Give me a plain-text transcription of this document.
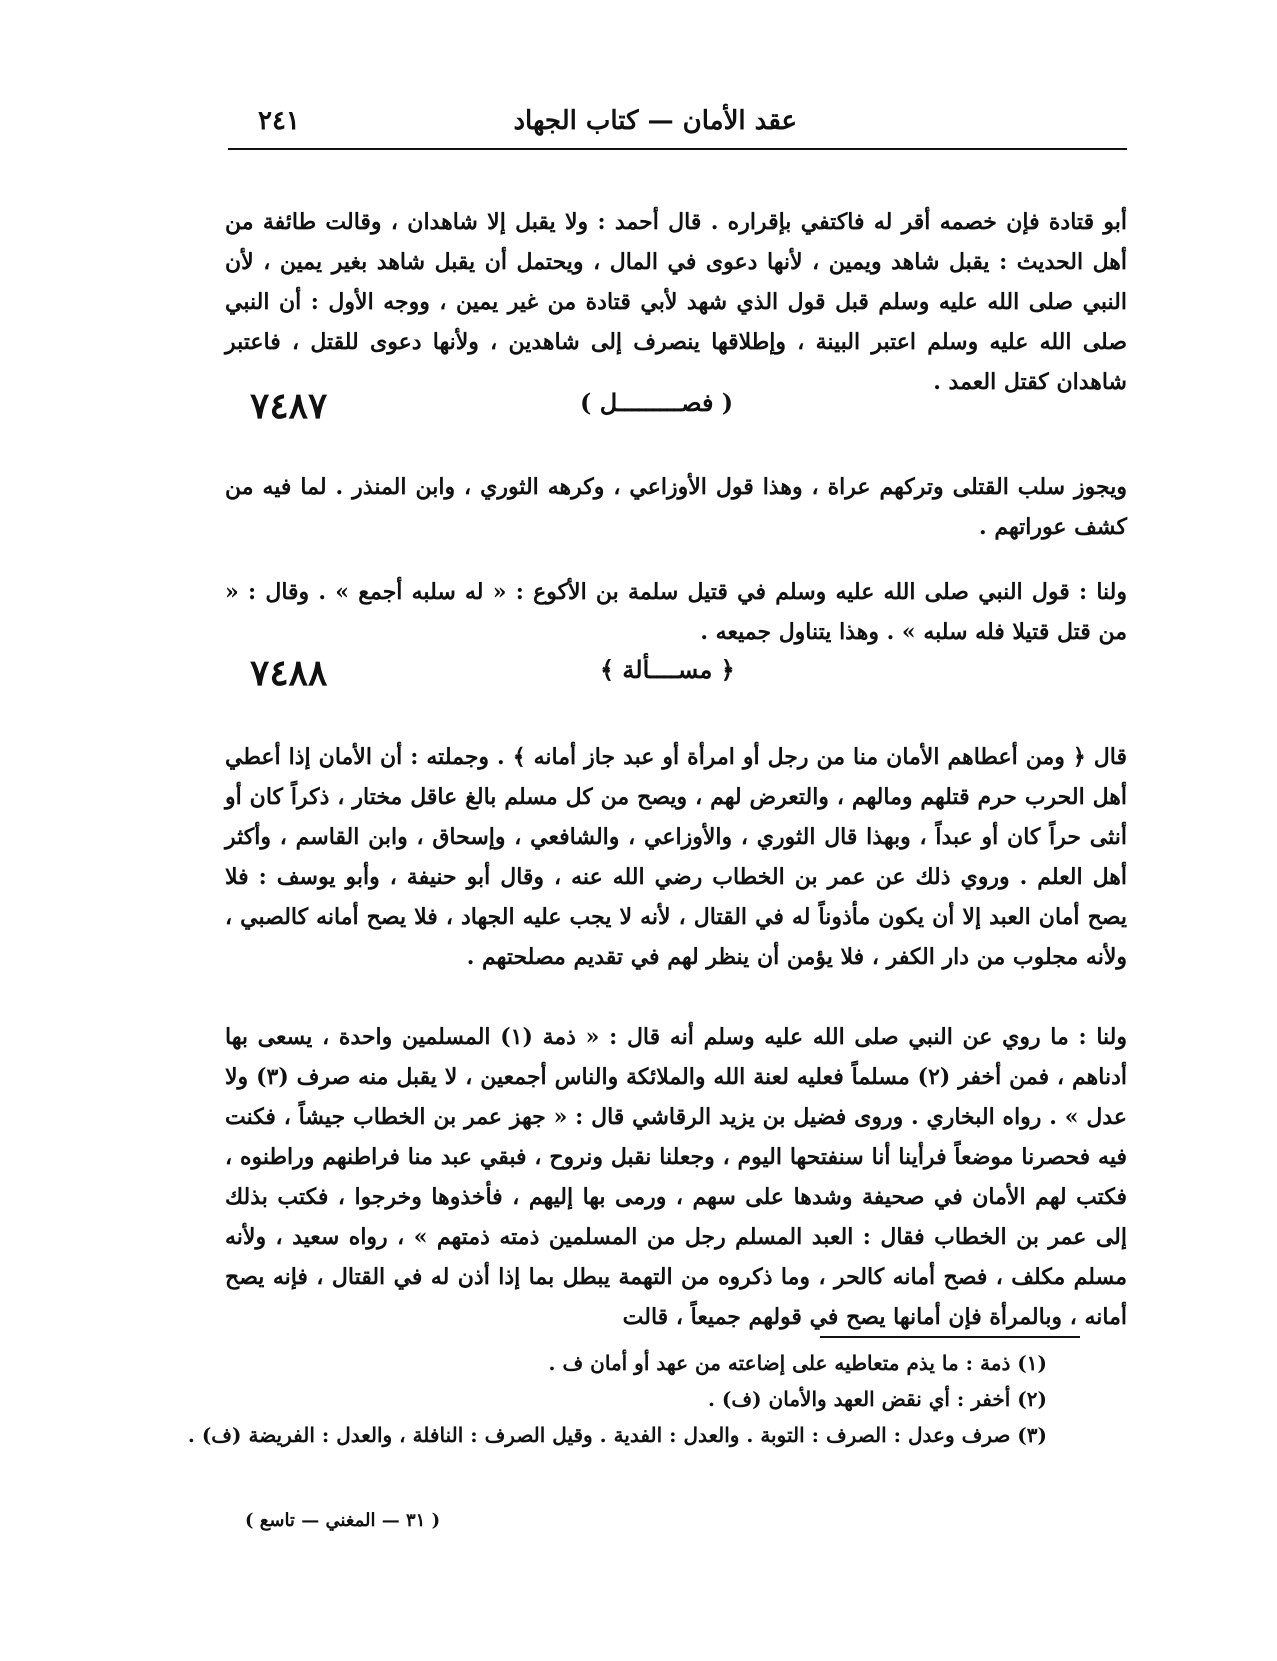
عقد الأمان — كتاب الجهاد
٢٤١

أبو قتادة فإن خصمه أقر له فاكتفي بإقراره . قال أحمد : ولا يقبل إلا شاهدان ، وقالت طائفة من أهل الحديث : يقبل شاهد ويمين ، لأنها دعوى في المال ، ويحتمل أن يقبل شاهد بغير يمين ، لأن النبي صلى الله عليه وسلم قبل قول الذي شهد لأبي قتادة من غير يمين ، ووجه الأول : أن النبي صلى الله عليه وسلم اعتبر البينة ، وإطلاقها ينصرف إلى شاهدين ، ولأنها دعوى للقتل ، فاعتبر شاهدان كقتل العمد .

٧٤٨٧	( فصـــــــــل )

ويجوز سلب القتلى وتركهم عراة ، وهذا قول الأوزاعي ، وكرهه الثوري ، وابن المنذر . لما فيه من كشف عوراتهم .

ولنا : قول النبي صلى الله عليه وسلم في قتيل سلمة بن الأكوع : « له سلبه أجمع » . وقال : « من قتل قتيلا فله سلبه » . وهذا يتناول جميعه .

٧٤٨٨	﴿ مســــألة ﴾

قال ﴿ ومن أعطاهم الأمان منا من رجل أو امرأة أو عبد جاز أمانه ﴾ . وجملته : أن الأمان إذا أعطي أهل الحرب حرم قتلهم ومالهم ، والتعرض لهم ، ويصح من كل مسلم بالغ عاقل مختار ، ذكراً كان أو أنثى حراً كان أو عبداً ، وبهذا قال الثوري ، والأوزاعي ، والشافعي ، وإسحاق ، وابن القاسم ، وأكثر أهل العلم . وروي ذلك عن عمر بن الخطاب رضي الله عنه ، وقال أبو حنيفة ، وأبو يوسف : فلا يصح أمان العبد إلا أن يكون مأذوناً له في القتال ، لأنه لا يجب عليه الجهاد ، فلا يصح أمانه كالصبي ، ولأنه مجلوب من دار الكفر ، فلا يؤمن أن ينظر لهم في تقديم مصلحتهم .

ولنا : ما روي عن النبي صلى الله عليه وسلم أنه قال : « ذمة (١) المسلمين واحدة ، يسعى بها أدناهم ، فمن أخفر (٢) مسلماً فعليه لعنة الله والملائكة والناس أجمعين ، لا يقبل منه صرف (٣) ولا عدل » . رواه البخاري . وروى فضيل بن يزيد الرقاشي قال : « جهز عمر بن الخطاب جيشاً ، فكنت فيه فحصرنا موضعاً فرأينا أنا سنفتحها اليوم ، وجعلنا نقبل ونروح ، فبقي عبد منا فراطنهم وراطنوه ، فكتب لهم الأمان في صحيفة وشدها على سهم ، ورمى بها إليهم ، فأخذوها وخرجوا ، فكتب بذلك إلى عمر بن الخطاب فقال : العبد المسلم رجل من المسلمين ذمته ذمتهم » ، رواه سعيد ، ولأنه مسلم مكلف ، فصح أمانه كالحر ، وما ذكروه من التهمة يبطل بما إذا أذن له في القتال ، فإنه يصح أمانه ، وبالمرأة فإن أمانها يصح في قولهم جميعاً ، قالت

(١) ذمة : ما يذم متعاطيه على إضاعته من عهد أو أمان ف .
(٢) أخفر : أي نقض العهد والأمان (ف) .
(٣) صرف وعدل : الصرف : التوبة . والعدل : الفدية . وقيل الصرف : النافلة ، والعدل : الفريضة (ف) .
( ٣١ — المغني — تاسع )
